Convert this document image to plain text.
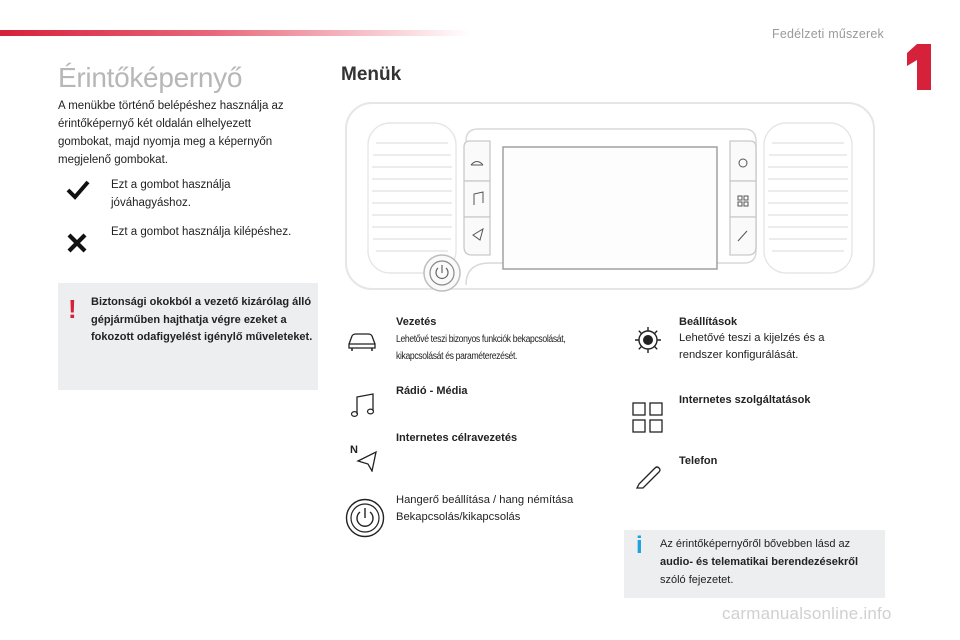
Fedélzeti műszerek
Érintőképernyő
A menükbe történő belépéshez használja az érintőképernyő két oldalán elhelyezett gombokat, majd nyomja meg a képernyőn megjelenő gombokat.
Ezt a gombot használja jóváhagyáshoz.
Ezt a gombot használja kilépéshez.
! Biztonsági okokból a vezető kizárólag álló gépjárműben hajthatja végre ezeket a fokozott odafigyelést igénylő műveleteket.
Menük
Vezetés
Lehetővé teszi bizonyos funkciók bekapcsolását, kikapcsolását és paraméterezését.
Rádió - Média
N
Internetes célravezetés
Hangerő beállítása / hang némítása Bekapcsolás/kikapcsolás
Beállítások
Lehetővé teszi a kijelzés és a rendszer konfigurálását.
Internetes szolgáltatások
Telefon
i Az érintőképernyőről bővebben lásd az audio- és telematikai berendezésekről szóló fejezetet.
carmanualsonline.info
